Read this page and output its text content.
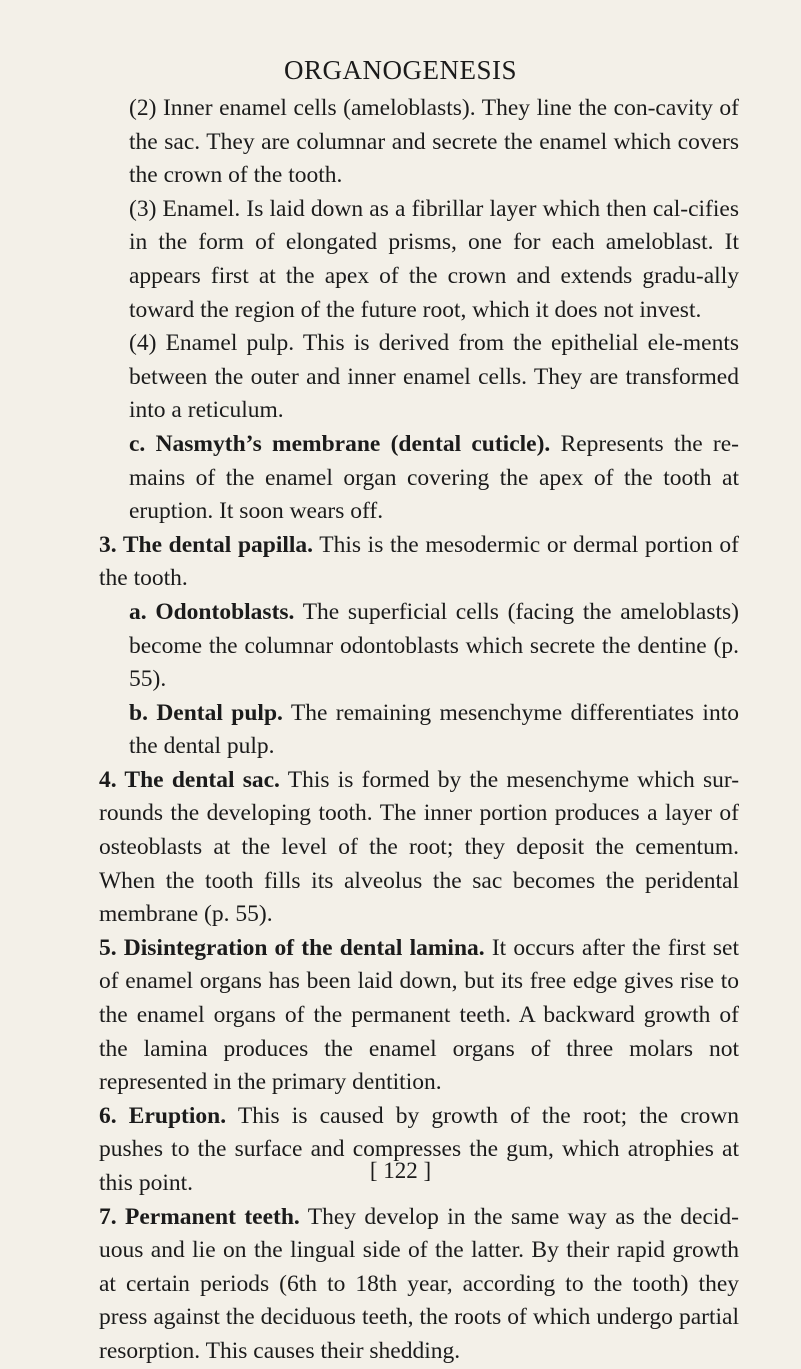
ORGANOGENESIS

(2) Inner enamel cells (ameloblasts). They line the con-cavity of the sac. They are columnar and secrete the enamel which covers the crown of the tooth.

(3) Enamel. Is laid down as a fibrillar layer which then cal-cifies in the form of elongated prisms, one for each ameloblast. It appears first at the apex of the crown and extends gradu-ally toward the region of the future root, which it does not invest.

(4) Enamel pulp. This is derived from the epithelial ele-ments between the outer and inner enamel cells. They are transformed into a reticulum.

c. Nasmyth’s membrane (dental cuticle). Represents the re-mains of the enamel organ covering the apex of the tooth at eruption. It soon wears off.

3. The dental papilla. This is the mesodermic or dermal portion of the tooth.

a. Odontoblasts. The superficial cells (facing the ameloblasts) become the columnar odontoblasts which secrete the dentine (p. 55).

b. Dental pulp. The remaining mesenchyme differentiates into the dental pulp.

4. The dental sac. This is formed by the mesenchyme which sur-rounds the developing tooth. The inner portion produces a layer of osteoblasts at the level of the root; they deposit the cementum. When the tooth fills its alveolus the sac becomes the peridental membrane (p. 55).

5. Disintegration of the dental lamina. It occurs after the first set of enamel organs has been laid down, but its free edge gives rise to the enamel organs of the permanent teeth. A backward growth of the lamina produces the enamel organs of three molars not represented in the primary dentition.

6. Eruption. This is caused by growth of the root; the crown pushes to the surface and compresses the gum, which atrophies at this point.

7. Permanent teeth. They develop in the same way as the decid-uous and lie on the lingual side of the latter. By their rapid growth at certain periods (6th to 18th year, according to the tooth) they press against the deciduous teeth, the roots of which undergo partial resorption. This causes their shedding.

[ 122 ]
